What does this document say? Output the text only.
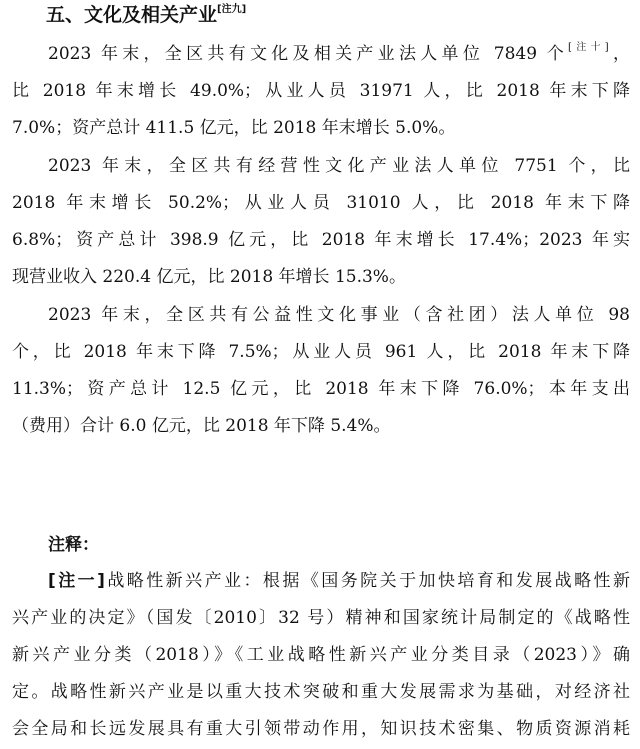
五、文化及相关产业[注九]
2023 年末，全区共有文化及相关产业法人单位 7849 个[注十]，
比 2018 年末增长 49.0%；从业人员 31971 人，比 2018 年末下降
7.0%；资产总计 411.5 亿元，比 2018 年末增长 5.0%。
2023 年末，全区共有经营性文化产业法人单位 7751 个，比
2018 年末增长 50.2%；从业人员 31010 人，比 2018 年末下降
6.8%；资产总计 398.9 亿元，比 2018 年末增长 17.4%；2023 年实
现营业收入 220.4 亿元，比 2018 年增长 15.3%。
2023 年末，全区共有公益性文化事业（含社团）法人单位 98
个，比 2018 年末下降 7.5%；从业人员 961 人，比 2018 年末下降
11.3%；资产总计 12.5 亿元，比 2018 年末下降 76.0%；本年支出
（费用）合计 6.0 亿元，比 2018 年下降 5.4%。
注释：
[注一]战略性新兴产业：根据《国务院关于加快培育和发展战略性新
兴产业的决定》（国发〔2010〕32 号）精神和国家统计局制定的《战略性
新兴产业分类（2018）》《工业战略性新兴产业分类目录（2023）》确
定。战略性新兴产业是以重大技术突破和重大发展需求为基础，对经济社
会全局和长远发展具有重大引领带动作用，知识技术密集、物质资源消耗
